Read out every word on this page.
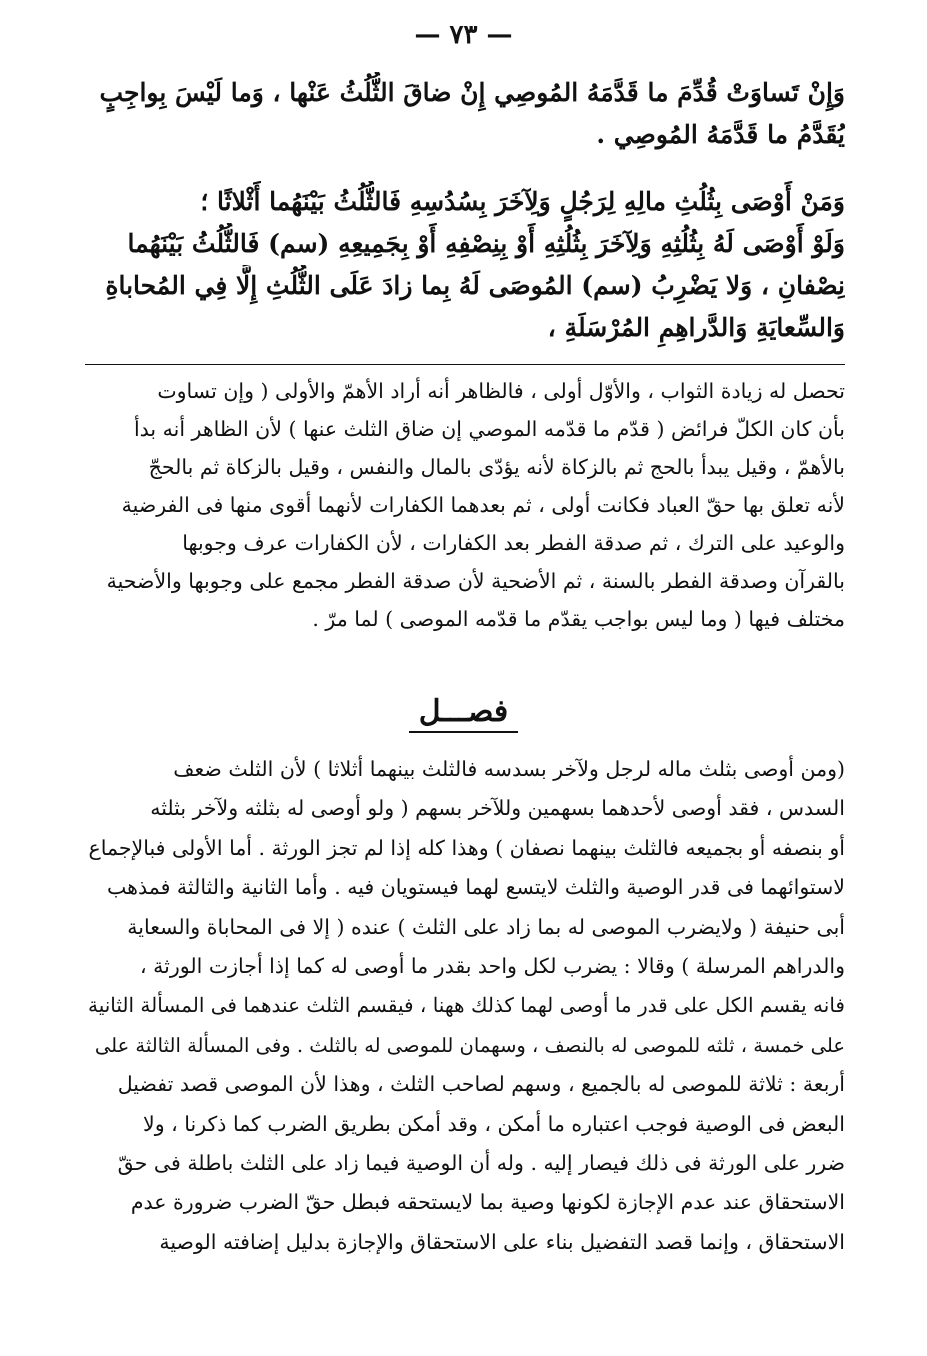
— ٧٣ —
وَإِنْ تَساوَتْ قُدِّمَ ما قَدَّمَهُ المُوصِي إِنْ ضاقَ الثُّلُثُ عَنْها ، وَما لَيْسَ بِواجِبٍ
يُقَدَّمُ ما قَدَّمَهُ المُوصِي .
وَمَنْ أَوْصَى بِثُلُثِ مالِهِ لِرَجُلٍ وَلِآخَرَ بِسُدُسِهِ فَالثُّلُثُ بَيْنَهُما أَثْلاثًا ؛
وَلَوْ أَوْصَى لَهُ بِثُلُثِهِ وَلِآخَرَ بِثُلُثِهِ أَوْ بِنِصْفِهِ أَوْ بِجَمِيعِهِ (سم) فَالثُّلُثُ بَيْنَهُما
نِصْفانِ ، وَلا يَضْرِبُ (سم) المُوصَى لَهُ بِما زادَ عَلَى الثُّلُثِ إِلَّا فِي المُحاباةِ
وَالسِّعايَةِ وَالدَّراهِمِ المُرْسَلَةِ ،
تحصل له زيادة الثواب ، والأوّل أولى ، فالظاهر أنه أراد الأهمّ والأولى ( وإن تساوت
بأن كان الكلّ فرائض ( قدّم ما قدّمه الموصي إن ضاق الثلث عنها ) لأن الظاهر أنه بدأ
بالأهمّ ، وقيل يبدأ بالحج ثم بالزكاة لأنه يؤدّى بالمال والنفس ، وقيل بالزكاة ثم بالحجّ
لأنه تعلق بها حقّ العباد فكانت أولى ، ثم بعدهما الكفارات لأنهما أقوى منها فى الفرضية
والوعيد على الترك ، ثم صدقة الفطر بعد الكفارات ، لأن الكفارات عرف وجوبها
بالقرآن وصدقة الفطر بالسنة ، ثم الأضحية لأن صدقة الفطر مجمع على وجوبها والأضحية
مختلف فيها ( وما ليس بواجب يقدّم ما قدّمه الموصى ) لما مرّ .
فصـــل
(ومن أوصى بثلث ماله لرجل ولآخر بسدسه فالثلث بينهما أثلاثا ) لأن الثلث ضعف
السدس ، فقد أوصى لأحدهما بسهمين وللآخر بسهم ( ولو أوصى له بثلثه ولآخر بثلثه
أو بنصفه أو بجميعه فالثلث بينهما نصفان ) وهذا كله إذا لم تجز الورثة . أما الأولى فبالإجماع
لاستوائهما فى قدر الوصية والثلث لايتسع لهما فيستويان فيه . وأما الثانية والثالثة فمذهب
أبى حنيفة ( ولايضرب الموصى له بما زاد على الثلث ) عنده ( إلا فى المحاباة والسعاية
والدراهم المرسلة ) وقالا : يضرب لكل واحد بقدر ما أوصى له كما إذا أجازت الورثة ،
فانه يقسم الكل على قدر ما أوصى لهما كذلك ههنا ، فيقسم الثلث عندهما فى المسألة الثانية
على خمسة ، ثلثه للموصى له بالنصف ، وسهمان للموصى له بالثلث . وفى المسألة الثالثة على
أربعة : ثلاثة للموصى له بالجميع ، وسهم لصاحب الثلث ، وهذا لأن الموصى قصد تفضيل
البعض فى الوصية فوجب اعتباره ما أمكن ، وقد أمكن بطريق الضرب كما ذكرنا ، ولا
ضرر على الورثة فى ذلك فيصار إليه . وله أن الوصية فيما زاد على الثلث باطلة فى حقّ
الاستحقاق عند عدم الإجازة لكونها وصية بما لايستحقه فبطل حقّ الضرب ضرورة عدم
الاستحقاق ، وإنما قصد التفضيل بناء على الاستحقاق والإجازة بدليل إضافته الوصية
